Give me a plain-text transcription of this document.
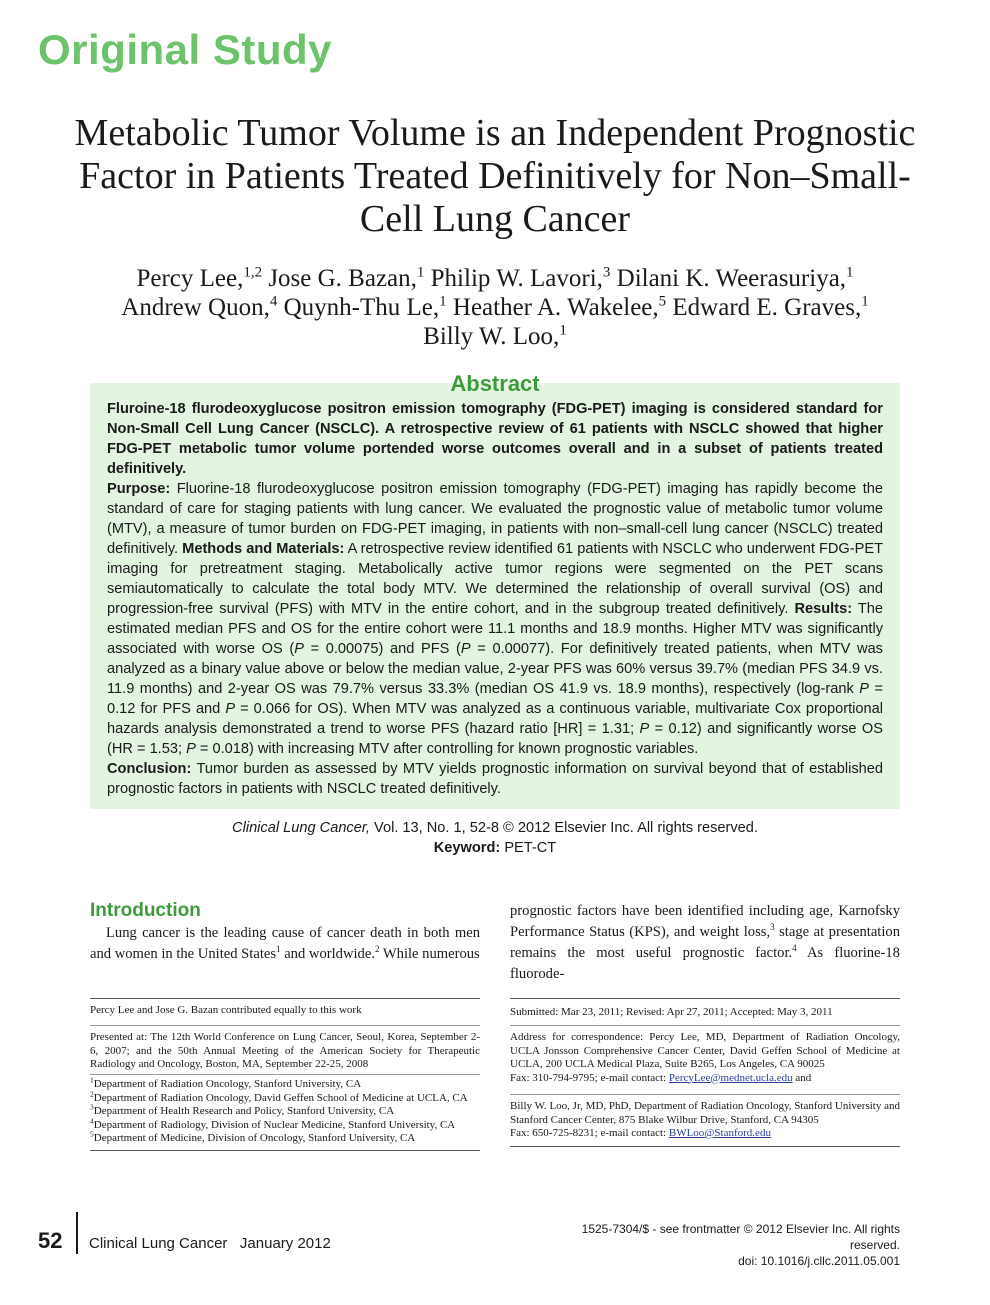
Original Study
Metabolic Tumor Volume is an Independent Prognostic Factor in Patients Treated Definitively for Non–Small-Cell Lung Cancer
Percy Lee,$^{1,2}$ Jose G. Bazan,$^1$ Philip W. Lavori,$^3$ Dilani K. Weerasuriya,$^1$
Andrew Quon,$^4$ Quynh-Thu Le,$^1$ Heather A. Wakelee,$^5$ Edward E. Graves,$^1$
Billy W. Loo,$^1$
Abstract
Fluroine-18 flurodeoxyglucose positron emission tomography (FDG-PET) imaging is considered standard for Non-Small Cell Lung Cancer (NSCLC). A retrospective review of 61 patients with NSCLC showed that higher FDG-PET metabolic tumor volume portended worse outcomes overall and in a subset of patients treated definitively.
Purpose: Fluorine-18 flurodeoxyglucose positron emission tomography (FDG-PET) imaging has rapidly become the standard of care for staging patients with lung cancer. We evaluated the prognostic value of metabolic tumor volume (MTV), a measure of tumor burden on FDG-PET imaging, in patients with non–small-cell lung cancer (NSCLC) treated definitively. Methods and Materials: A retrospective review identified 61 patients with NSCLC who underwent FDG-PET imaging for pretreatment staging. Metabolically active tumor regions were segmented on the PET scans semiautomatically to calculate the total body MTV. We determined the relationship of overall survival (OS) and progression-free survival (PFS) with MTV in the entire cohort, and in the subgroup treated definitively. Results: The estimated median PFS and OS for the entire cohort were 11.1 months and 18.9 months. Higher MTV was significantly associated with worse OS (P = 0.00075) and PFS (P = 0.00077). For definitively treated patients, when MTV was analyzed as a binary value above or below the median value, 2-year PFS was 60% versus 39.7% (median PFS 34.9 vs. 11.9 months) and 2-year OS was 79.7% versus 33.3% (median OS 41.9 vs. 18.9 months), respectively (log-rank P = 0.12 for PFS and P = 0.066 for OS). When MTV was analyzed as a continuous variable, multivariate Cox proportional hazards analysis demonstrated a trend to worse PFS (hazard ratio [HR] = 1.31; P = 0.12) and significantly worse OS (HR = 1.53; P = 0.018) with increasing MTV after controlling for known prognostic variables.
Conclusion: Tumor burden as assessed by MTV yields prognostic information on survival beyond that of established prognostic factors in patients with NSCLC treated definitively.
Clinical Lung Cancer, Vol. 13, No. 1, 52-8 © 2012 Elsevier Inc. All rights reserved.
Keyword: PET-CT
Introduction
Lung cancer is the leading cause of cancer death in both men and women in the United States$^1$ and worldwide.$^2$ While numerous
prognostic factors have been identified including age, Karnofsky Performance Status (KPS), and weight loss,$^3$ stage at presentation remains the most useful prognostic factor.$^4$ As fluorine-18 fluorode-
Percy Lee and Jose G. Bazan contributed equally to this work
Presented at: The 12th World Conference on Lung Cancer, Seoul, Korea, September 2-6, 2007; and the 50th Annual Meeting of the American Society for Therapeutic Radiology and Oncology, Boston, MA, September 22-25, 2008
$^1$Department of Radiation Oncology, Stanford University, CA
$^2$Department of Radiation Oncology, David Geffen School of Medicine at UCLA, CA
$^3$Department of Health Research and Policy, Stanford University, CA
$^4$Department of Radiology, Division of Nuclear Medicine, Stanford University, CA
$^5$Department of Medicine, Division of Oncology, Stanford University, CA
Submitted: Mar 23, 2011; Revised: Apr 27, 2011; Accepted: May 3, 2011
Address for correspondence: Percy Lee, MD, Department of Radiation Oncology, UCLA Jonsson Comprehensive Cancer Center, David Geffen School of Medicine at UCLA, 200 UCLA Medical Plaza, Suite B265, Los Angeles, CA 90025
Fax: 310-794-9795; e-mail contact: PercyLee@mednet.ucla.edu and
Billy W. Loo, Jr, MD, PhD, Department of Radiation Oncology, Stanford University and Stanford Cancer Center, 875 Blake Wilbur Drive, Stanford, CA 94305
Fax: 650-725-8231; e-mail contact: BWLoo@Stanford.edu
52 Clinical Lung Cancer January 2012
1525-7304/$ - see frontmatter © 2012 Elsevier Inc. All rights reserved.
doi: 10.1016/j.cllc.2011.05.001
